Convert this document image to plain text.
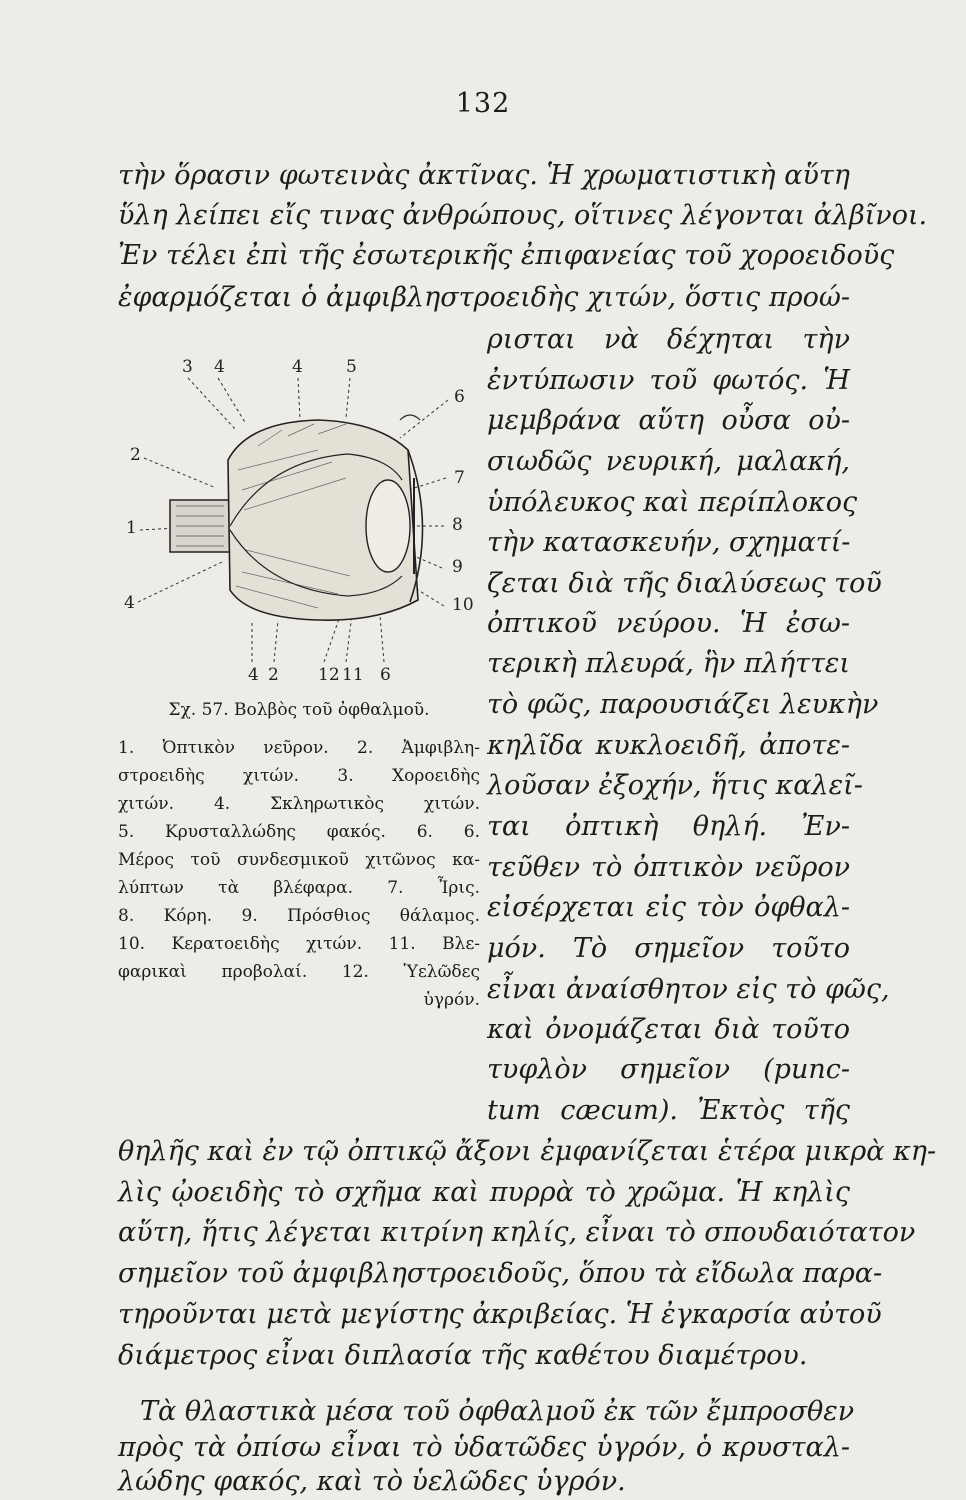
132
τὴν ὅρασιν φωτεινὰς ἀκτῖνας. Ἡ χρωματιστικὴ αὕτη
ὕλη λείπει εἴς τινας ἀνθρώπους, οἵτινες λέγονται ἀλβῖνοι.
Ἐν τέλει ἐπὶ τῆς ἐσωτερικῆς ἐπιφανείας τοῦ χοροειδοῦς
ἐφαρμόζεται ὁ ἀμφιβληστροειδὴς χιτών, ὅστις προώ-
ρισται νὰ δέχηται τὴν
ἐντύπωσιν τοῦ φωτός. Ἡ
μεμβράνα αὕτη οὖσα οὐ-
σιωδῶς νευρική, μαλακή,
ὑπόλευκος καὶ περίπλοκος
τὴν κατασκευήν, σχηματί-
ζεται διὰ τῆς διαλύσεως τοῦ
ὀπτικοῦ νεύρου. Ἡ ἐσω-
τερικὴ πλευρά, ἣν πλήττει
τὸ φῶς, παρουσιάζει λευκὴν
κηλῖδα κυκλοειδῆ, ἀποτε-
λοῦσαν ἐξοχήν, ἥτις καλεῖ-
ται ὀπτικὴ θηλή. Ἐν-
τεῦθεν τὸ ὀπτικὸν νεῦρον
εἰσέρχεται εἰς τὸν ὀφθαλ-
μόν. Τὸ σημεῖον τοῦτο
εἶναι ἀναίσθητον εἰς τὸ φῶς,
καὶ ὀνομάζεται διὰ τοῦτο
τυφλὸν σημεῖον (punc-
tum cæcum). Ἐκτὸς τῆς
θηλῆς καὶ ἐν τῷ ὀπτικῷ ἄξονι ἐμφανίζεται ἑτέρα μικρὰ κη-
λὶς ᾠοειδὴς τὸ σχῆμα καὶ πυρρὰ τὸ χρῶμα. Ἡ κηλὶς
αὕτη, ἥτις λέγεται κιτρίνη κηλίς, εἶναι τὸ σπουδαιότατον
σημεῖον τοῦ ἀμφιβληστροειδοῦς, ὅπου τὰ εἴδωλα παρα-
τηροῦνται μετὰ μεγίστης ἀκριβείας. Ἡ ἐγκαρσία αὐτοῦ
διάμετρος εἶναι διπλασία τῆς καθέτου διαμέτρου.
Τὰ θλαστικὰ μέσα τοῦ ὀφθαλμοῦ ἐκ τῶν ἔμπροσθεν
πρὸς τὰ ὀπίσω εἶναι τὸ ὑδατῶδες ὑγρόν, ὁ κρυσταλ-
λώδης φακός, καὶ τὸ ὑελῶδες ὑγρόν.
3 4	4	5
6
2
7
1	8
9
4	10
4 2 12 11 6
Σχ. 57. Βολβὸς τοῦ ὀφθαλμοῦ.
1. Ὀπτικὸν νεῦρον. 2. Ἀμφιβλη-
στροειδὴς χιτών. 3. Χοροειδὴς
χιτών. 4. Σκληρωτικὸς χιτών.
5. Κρυσταλλώδης φακός. 6. 6.
Μέρος τοῦ συνδεσμικοῦ χιτῶνος κα-
λύπτων τὰ βλέφαρα. 7. Ἶρις.
8. Κόρη. 9. Πρόσθιος θάλαμος.
10. Κερατοειδὴς χιτών. 11. Βλε-
φαρικαὶ προβολαί. 12. Ὑελῶδες
ὑγρόν.
